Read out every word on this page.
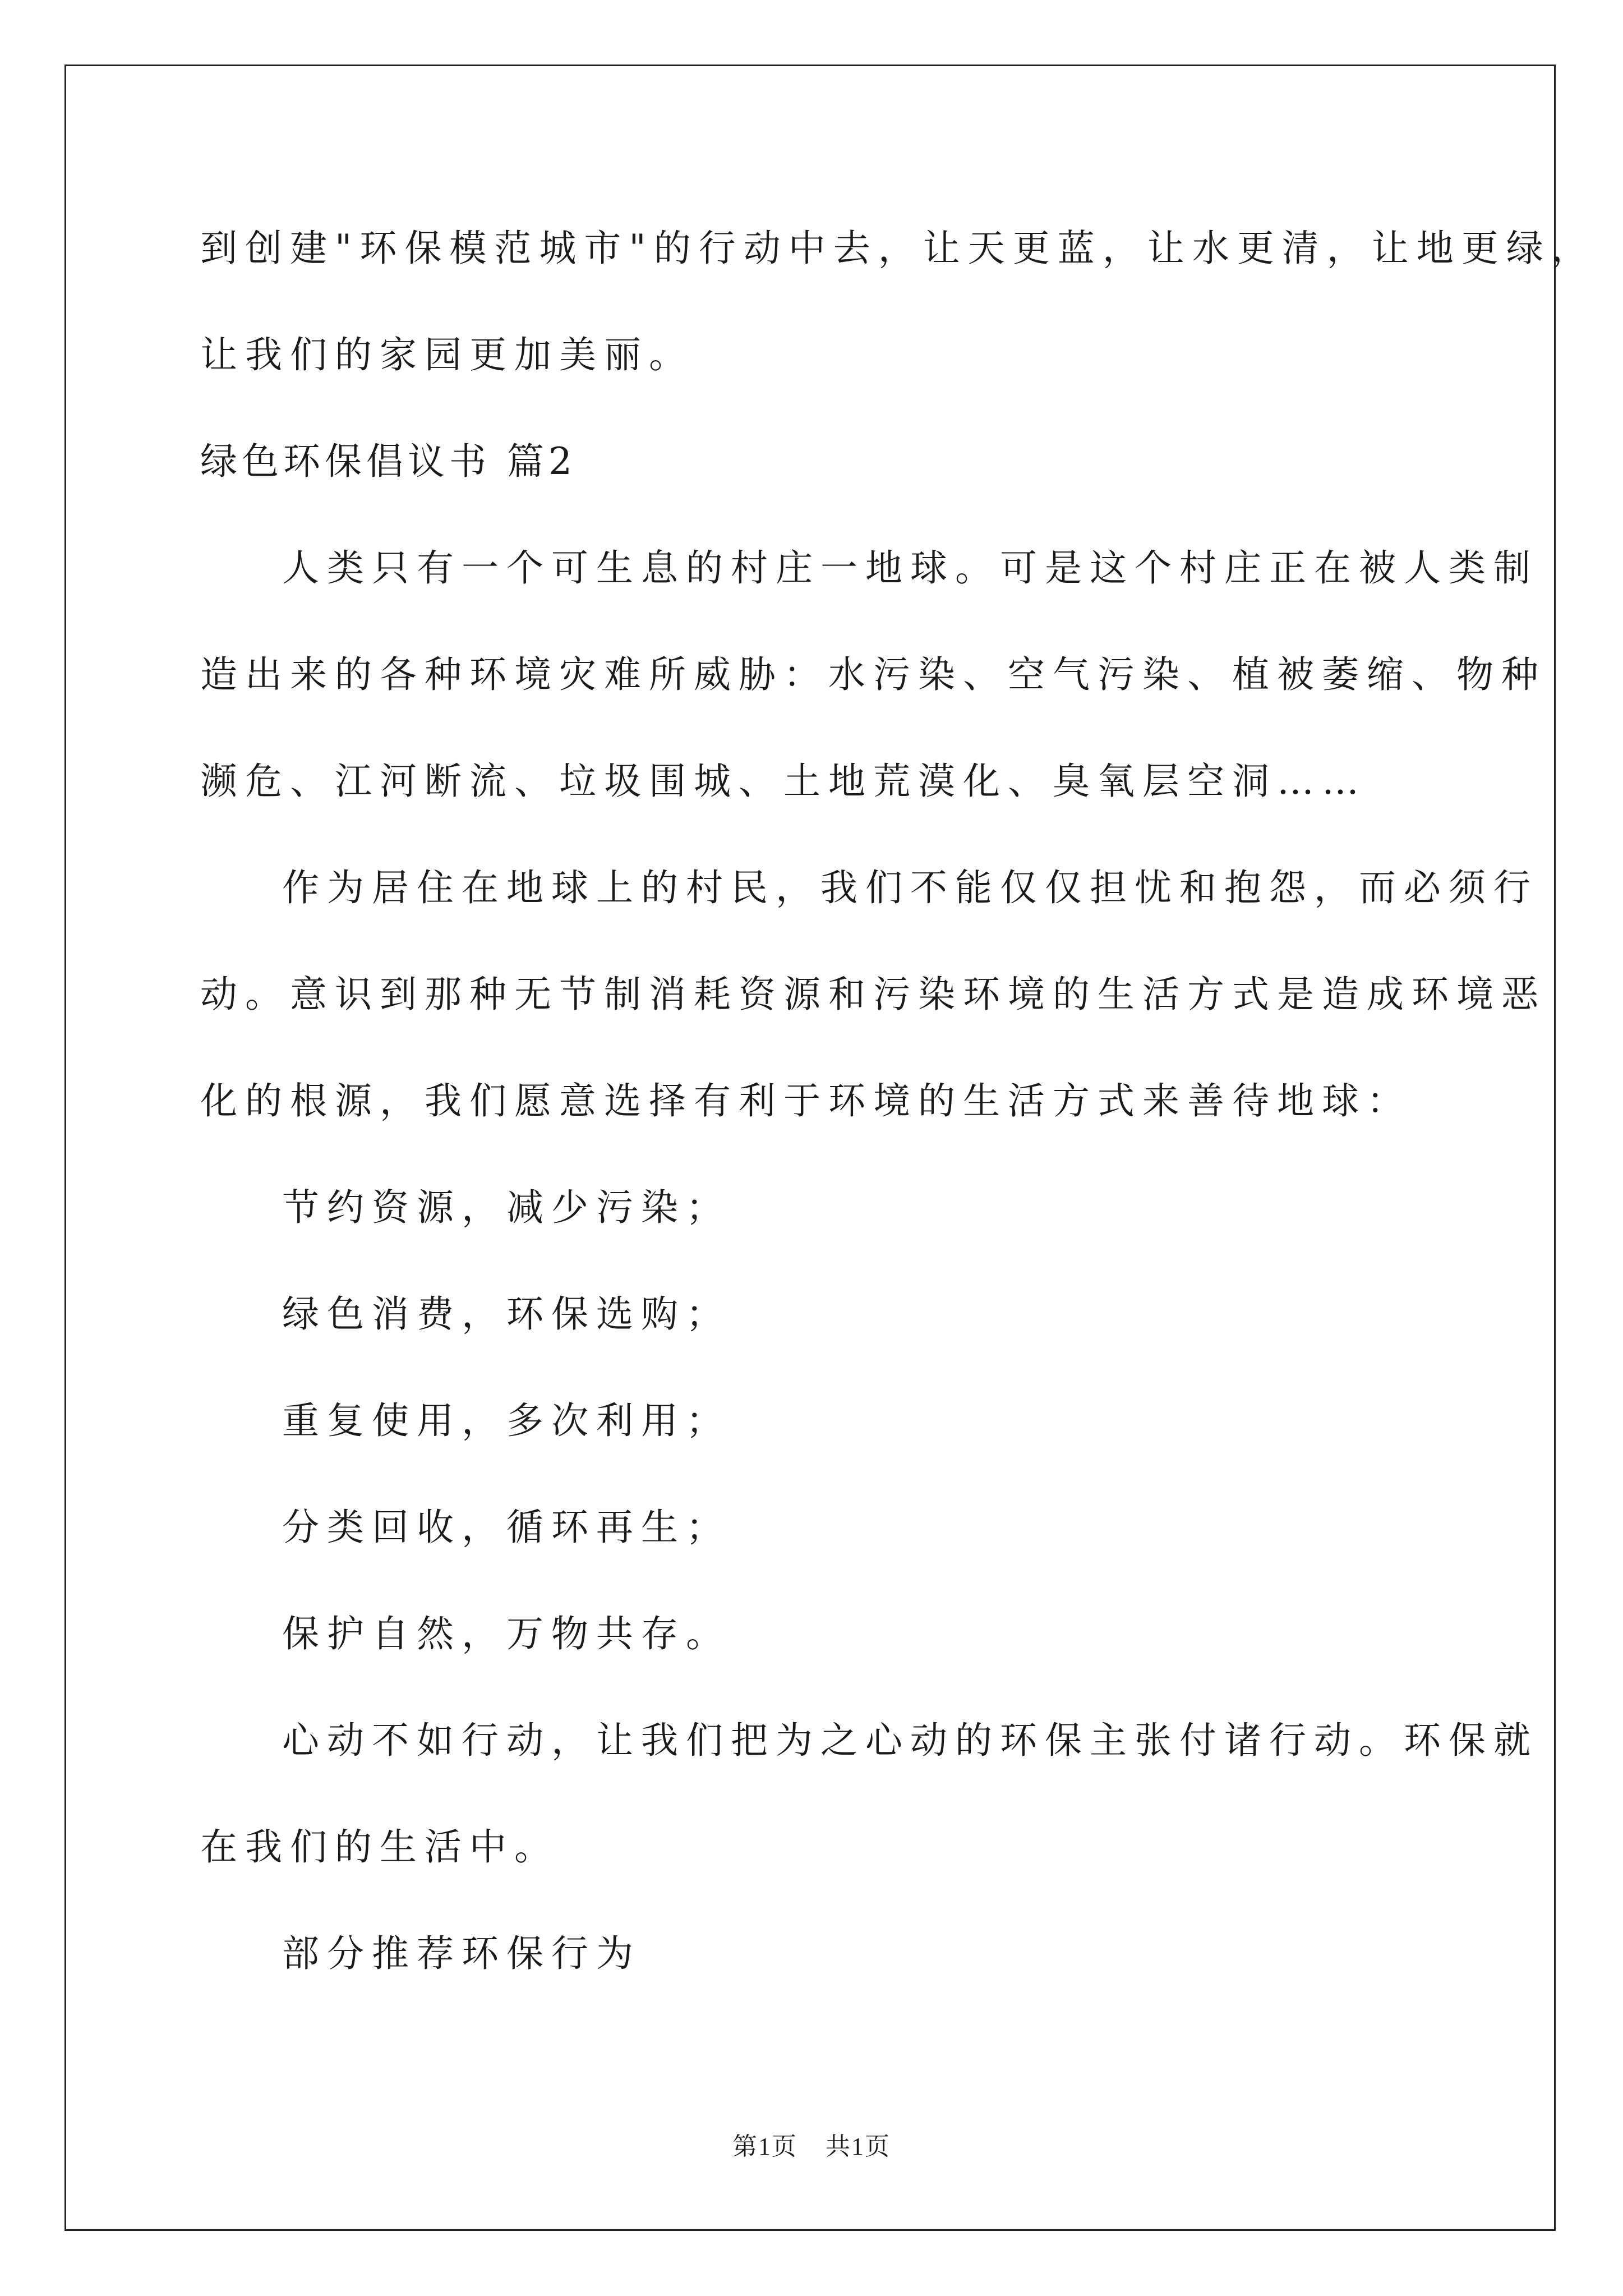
到创建"环保模范城市"的行动中去，让天更蓝，让水更清，让地更绿，

让我们的家园更加美丽。

绿色环保倡议书 篇2

人类只有一个可生息的村庄一地球。可是这个村庄正在被人类制

造出来的各种环境灾难所威胁：水污染、空气污染、植被萎缩、物种

濒危、江河断流、垃圾围城、土地荒漠化、臭氧层空洞……

作为居住在地球上的村民，我们不能仅仅担忧和抱怨，而必须行

动。意识到那种无节制消耗资源和污染环境的生活方式是造成环境恶

化的根源，我们愿意选择有利于环境的生活方式来善待地球：

节约资源，减少污染；

绿色消费，环保选购；

重复使用，多次利用；

分类回收，循环再生；

保护自然，万物共存。

心动不如行动，让我们把为之心动的环保主张付诸行动。环保就

在我们的生活中。

部分推荐环保行为

第1页 共1页
